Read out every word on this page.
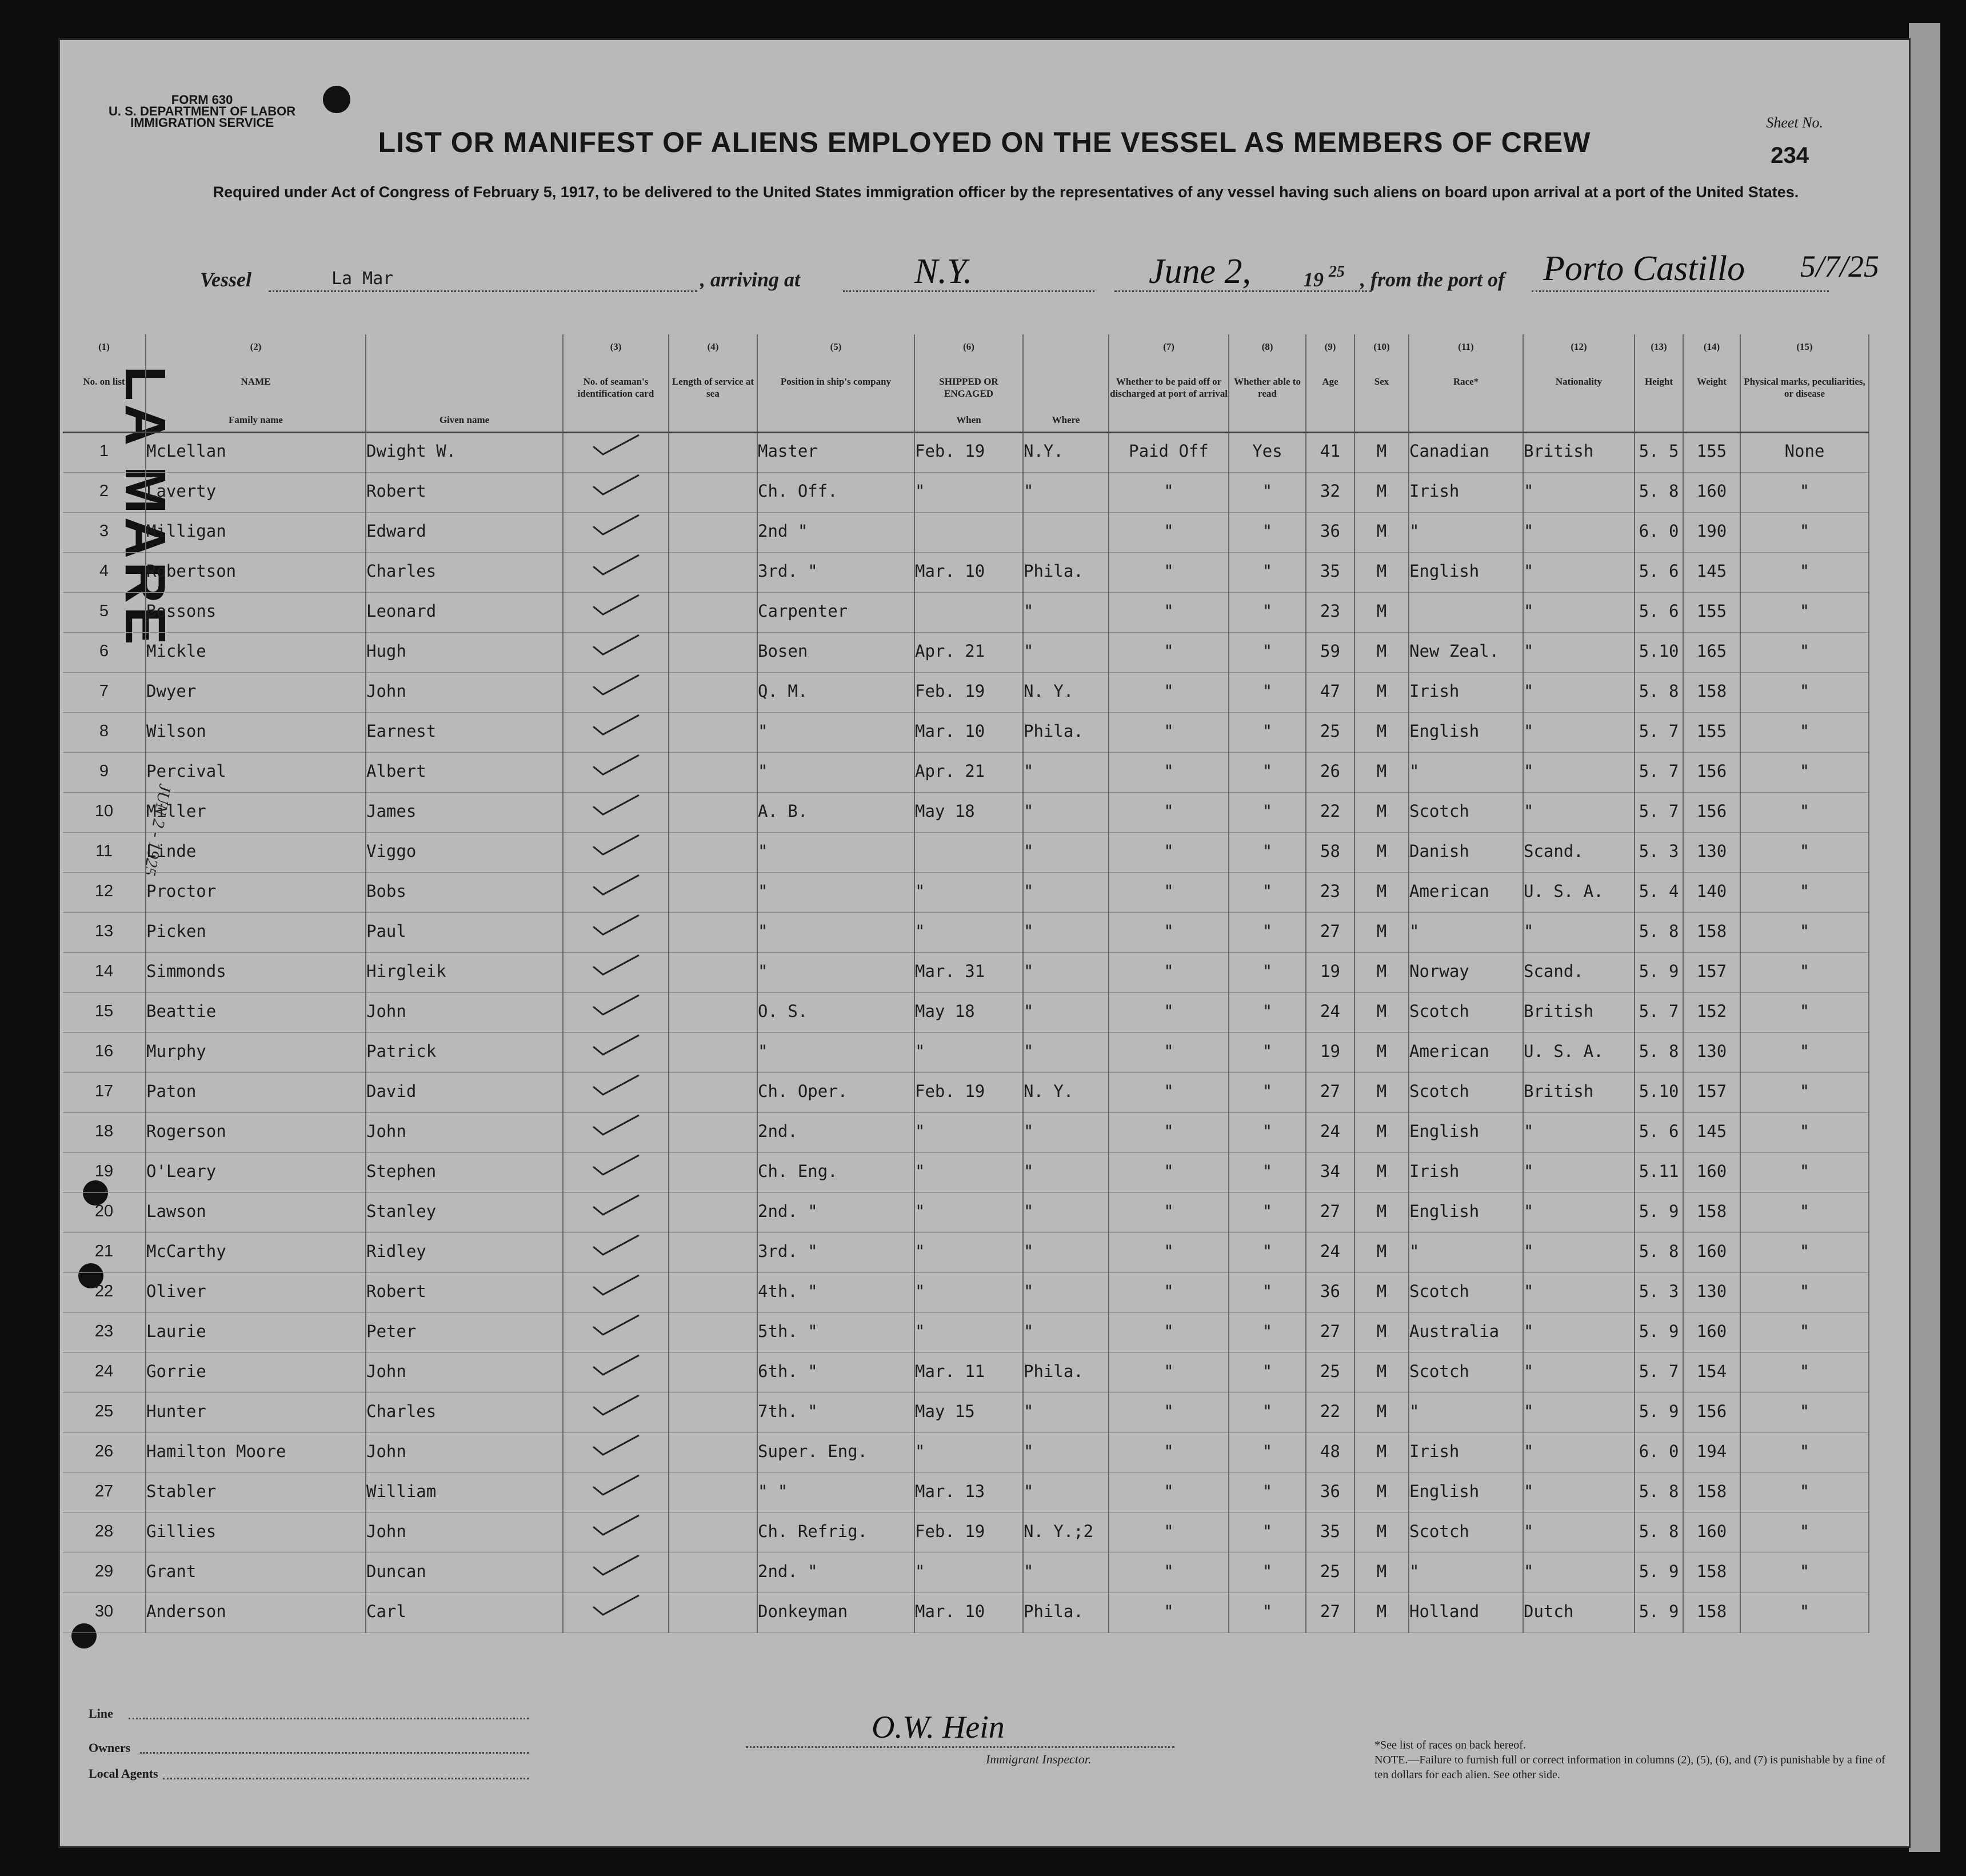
FORM 630
U. S. DEPARTMENT OF LABOR
IMMIGRATION SERVICE	Sheet No.
234
LIST OR MANIFEST OF ALIENS EMPLOYED ON THE VESSEL AS MEMBERS OF CREW
Required under Act of Congress of February 5, 1917, to be delivered to the United States immigration officer by the representatives of any vessel having such aliens on board upon arrival at a port of the United States.
Vessel	La Mar	, arriving at	N.Y.	June 2,	19 25 , from the port of Porto Castillo 5/7/25
LA MARE
JUN 2 - 1925
(1)
No. on list	(2)
NAME
Family name	Given name	(3)
No. of seaman's identification card	(4)
Length of service at sea	(5)
Position in ship's company	(6)
SHIPPED OR ENGAGED
When	Where	(7)
Whether to be paid off or discharged at port of arrival	(8)
Whether able to read	(9)
Age	(10)
Sex	(11)
Race*	(12)
Nationality	(13)
Height	(14)
Weight	(15)
Physical marks, peculiarities, or disease

1	McLellan	Dwight W.			Master	Feb. 19	N.Y.	Paid Off	Yes	41	M	Canadian	British	5. 5	155	None
2	Laverty	Robert			Ch. Off.	"	"	"	"	32	M	Irish	"	5. 8	160	"
3	Milligan	Edward			2nd "			"	"	36	M	"	"	6. 0	190	"
4	Robertson	Charles			3rd. "	Mar. 10	Phila.	"	"	35	M	English	"	5. 6	145	"
5	Bossons	Leonard			Carpenter		"	"	"	23	M		"	5. 6	155	"
6	Mickle	Hugh			Bosen	Apr. 21	"	"	"	59	M	New Zeal.	"	5.10	165	"
7	Dwyer	John			Q. M.	Feb. 19	N. Y.	"	"	47	M	Irish	"	5. 8	158	"
8	Wilson	Earnest			"	Mar. 10	Phila.	"	"	25	M	English	"	5. 7	155	"
9	Percival	Albert			"	Apr. 21	"	"	"	26	M	"	"	5. 7	156	"
10	Miller	James			A. B.	May 18	"	"	"	22	M	Scotch	"	5. 7	156	"
11	Linde	Viggo			"		"	"	"	58	M	Danish	Scand.	5. 3	130	"
12	Proctor	Bobs			"	"	"	"	"	23	M	American	U. S. A.	5. 4	140	"
13	Picken	Paul			"	"	"	"	"	27	M	"	"	5. 8	158	"
14	Simmonds	Hirgleik			"	Mar. 31	"	"	"	19	M	Norway	Scand.	5. 9	157	"
15	Beattie	John			O. S.	May 18	"	"	"	24	M	Scotch	British	5. 7	152	"
16	Murphy	Patrick			"	"	"	"	"	19	M	American	U. S. A.	5. 8	130	"
17	Paton	David			Ch. Oper.	Feb. 19	N. Y.	"	"	27	M	Scotch	British	5.10	157	"
18	Rogerson	John			2nd.	"	"	"	"	24	M	English	"	5. 6	145	"
19	O'Leary	Stephen			Ch. Eng.	"	"	"	"	34	M	Irish	"	5.11	160	"
20	Lawson	Stanley			2nd. "	"	"	"	"	27	M	English	"	5. 9	158	"
21	McCarthy	Ridley			3rd. "	"	"	"	"	24	M	"	"	5. 8	160	"
22	Oliver	Robert			4th. "	"	"	"	"	36	M	Scotch	"	5. 3	130	"
23	Laurie	Peter			5th. "	"	"	"	"	27	M	Australia	"	5. 9	160	"
24	Gorrie	John			6th. "	Mar. 11	Phila.	"	"	25	M	Scotch	"	5. 7	154	"
25	Hunter	Charles			7th. "	May 15	"	"	"	22	M	"	"	5. 9	156	"
26	Hamilton Moore	John			Super. Eng.	"	"	"	"	48	M	Irish	"	6. 0	194	"
27	Stabler	William			" "	Mar. 13	"	"	"	36	M	English	"	5. 8	158	"
28	Gillies	John			Ch. Refrig.	Feb. 19	N. Y.;2	"	"	35	M	Scotch	"	5. 8	160	"
29	Grant	Duncan			2nd. "	"	"	"	"	25	M	"	"	5. 9	158	"
30	Anderson	Carl			Donkeyman	Mar. 10	Phila.	"	"	27	M	Holland	Dutch	5. 9	158	"
Line
Owners
Local Agents
O.W. Hein
Immigrant Inspector.
*See list of races on back hereof.
NOTE.—Failure to furnish full or correct information in columns (2), (5), (6), and (7) is punishable by a fine of ten dollars for each alien. See other side.
